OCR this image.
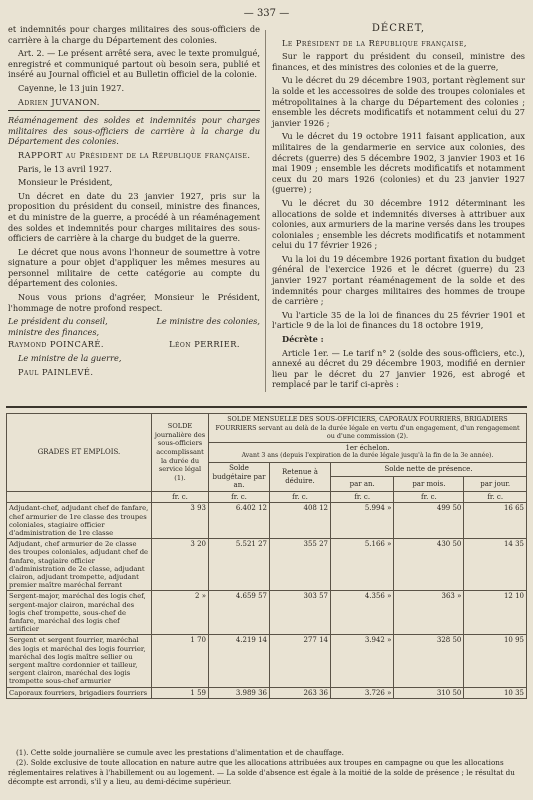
— 337 —

et indemnités pour charges militaires des sous-officiers de carrière à la charge du Département des colonies.

Art. 2. — Le présent arrêté sera, avec le texte promulgué, enregistré et communiqué partout où besoin sera, publié et inséré au Journal officiel et au Bulletin officiel de la colonie.

Cayenne, le 13 juin 1927.

Adrien JUVANON.

Réaménagement des soldes et indemnités pour charges militaires des sous-officiers de carrière à la charge du Département des colonies.

RAPPORT au Président de la République française.

Paris, le 13 avril 1927.

Monsieur le Président,

Un décret en date du 23 janvier 1927, pris sur la proposition du président du conseil, ministre des finances, et du ministre de la guerre, a procédé à un réaménagement des soldes et indemnités pour charges militaires des sous-officiers de carrière à la charge du budget de la guerre.

Le décret que nous avons l'honneur de soumettre à votre signature a pour objet d'appliquer les mêmes mesures au personnel militaire de cette catégorie au compte du département des colonies.

Nous vous prions d'agréer, Monsieur le Président, l'hommage de notre profond respect.

Le président du conseil, ministre des finances,
Le ministre des colonies,
Raymond POINCARÉ.	Léon PERRIER.

Le ministre de la guerre,

Paul PAINLEVÉ.

DÉCRET,

Le Président de la République française,

Sur le rapport du président du conseil, ministre des finances, et des ministres des colonies et de la guerre,

Vu le décret du 29 décembre 1903, portant règlement sur la solde et les accessoires de solde des troupes coloniales et métropolitaines à la charge du Département des colonies ; ensemble les décrets modificatifs et notamment celui du 27 janvier 1926 ;

Vu le décret du 19 octobre 1911 faisant application, aux militaires de la gendarmerie en service aux colonies, des décrets (guerre) des 5 décembre 1902, 3 janvier 1903 et 16 mai 1909 ; ensemble les décrets modificatifs et notamment ceux du 20 mars 1926 (colonies) et du 23 janvier 1927 (guerre) ;

Vu le décret du 30 décembre 1912 déterminant les allocations de solde et indemnités diverses à attribuer aux colonies, aux armuriers de la marine versés dans les troupes coloniales ; ensemble les décrets modificatifs et notamment celui du 17 février 1926 ;

Vu la loi du 19 décembre 1926 portant fixation du budget général de l'exercice 1926 et le décret (guerre) du 23 janvier 1927 portant réaménagement de la solde et des indemnités pour charges militaires des hommes de troupe de carrière ;

Vu l'article 35 de la loi de finances du 25 février 1901 et l'article 9 de la loi de finances du 18 octobre 1919,

Décrète :

Article 1er. — Le tarif n° 2 (solde des sous-officiers, etc.), annexé au décret du 29 décembre 1903, modifié en dernier lieu par le décret du 27 janvier 1926, est abrogé et remplacé par le tarif ci-après :

GRADES ET EMPLOIS.	SOLDE journalière des sous-officiers accomplissant la durée du service légal (1).	SOLDE MENSUELLE DES SOUS-OFFICIERS, CAPORAUX FOURRIERS, BRIGADIERS FOURRIERS servant au delà de la durée légale en vertu d'un engagement, d'un rengagement ou d'une commission (2).				

		1er échelon.
Avant 3 ans (depuis l'expiration de la durée légale jusqu'à la fin de la 3e année).				

		Solde budgétaire par an.	Retenue à déduire.	Solde nette de présence.		
				par an.	par mois.	par jour.
	fr. c.	fr. c.	fr. c.	fr. c.	fr. c.	fr. c.
Adjudant-chef, adjudant chef de fanfare, chef armurier de 1re classe des troupes coloniales, stagiaire officier d'administration de 1re classe	3 93	6.402 12	408 12	5.994 »	499 50	16 65
Adjudant, chef armurier de 2e classe des troupes coloniales, adjudant chef de fanfare, stagiaire officier d'administration de 2e classe, adjudant clairon, adjudant trompette, adjudant premier maître maréchal ferrant	3 20	5.521 27	355 27	5.166 »	430 50	14 35
Sergent-major, maréchal des logis chef, sergent-major clairon, maréchal des logis chef trompette, sous-chef de fanfare, maréchal des logis chef artificier	2 »	4.659 57	303 57	4.356 »	363 »	12 10
Sergent et sergent fourrier, maréchal des logis et maréchal des logis fourrier, maréchal des logis maître sellier ou sergent maître cordonnier et tailleur, sergent clairon, maréchal des logis trompette sous-chef armurier	1 70	4.219 14	277 14	3.942 »	328 50	10 95
Caporaux fourriers, brigadiers fourriers	1 59	3.989 36	263 36	3.726 »	310 50	10 35

(1). Cette solde journalière se cumule avec les prestations d'alimentation et de chauffage.

(2). Solde exclusive de toute allocation en nature autre que les allocations attribuées aux troupes en campagne ou que les allocations réglementaires relatives à l'habillement ou au logement. — La solde d'absence est égale à la moitié de la solde de présence ; le résultat du décompte est arrondi, s'il y a lieu, au demi-décime supérieur.
